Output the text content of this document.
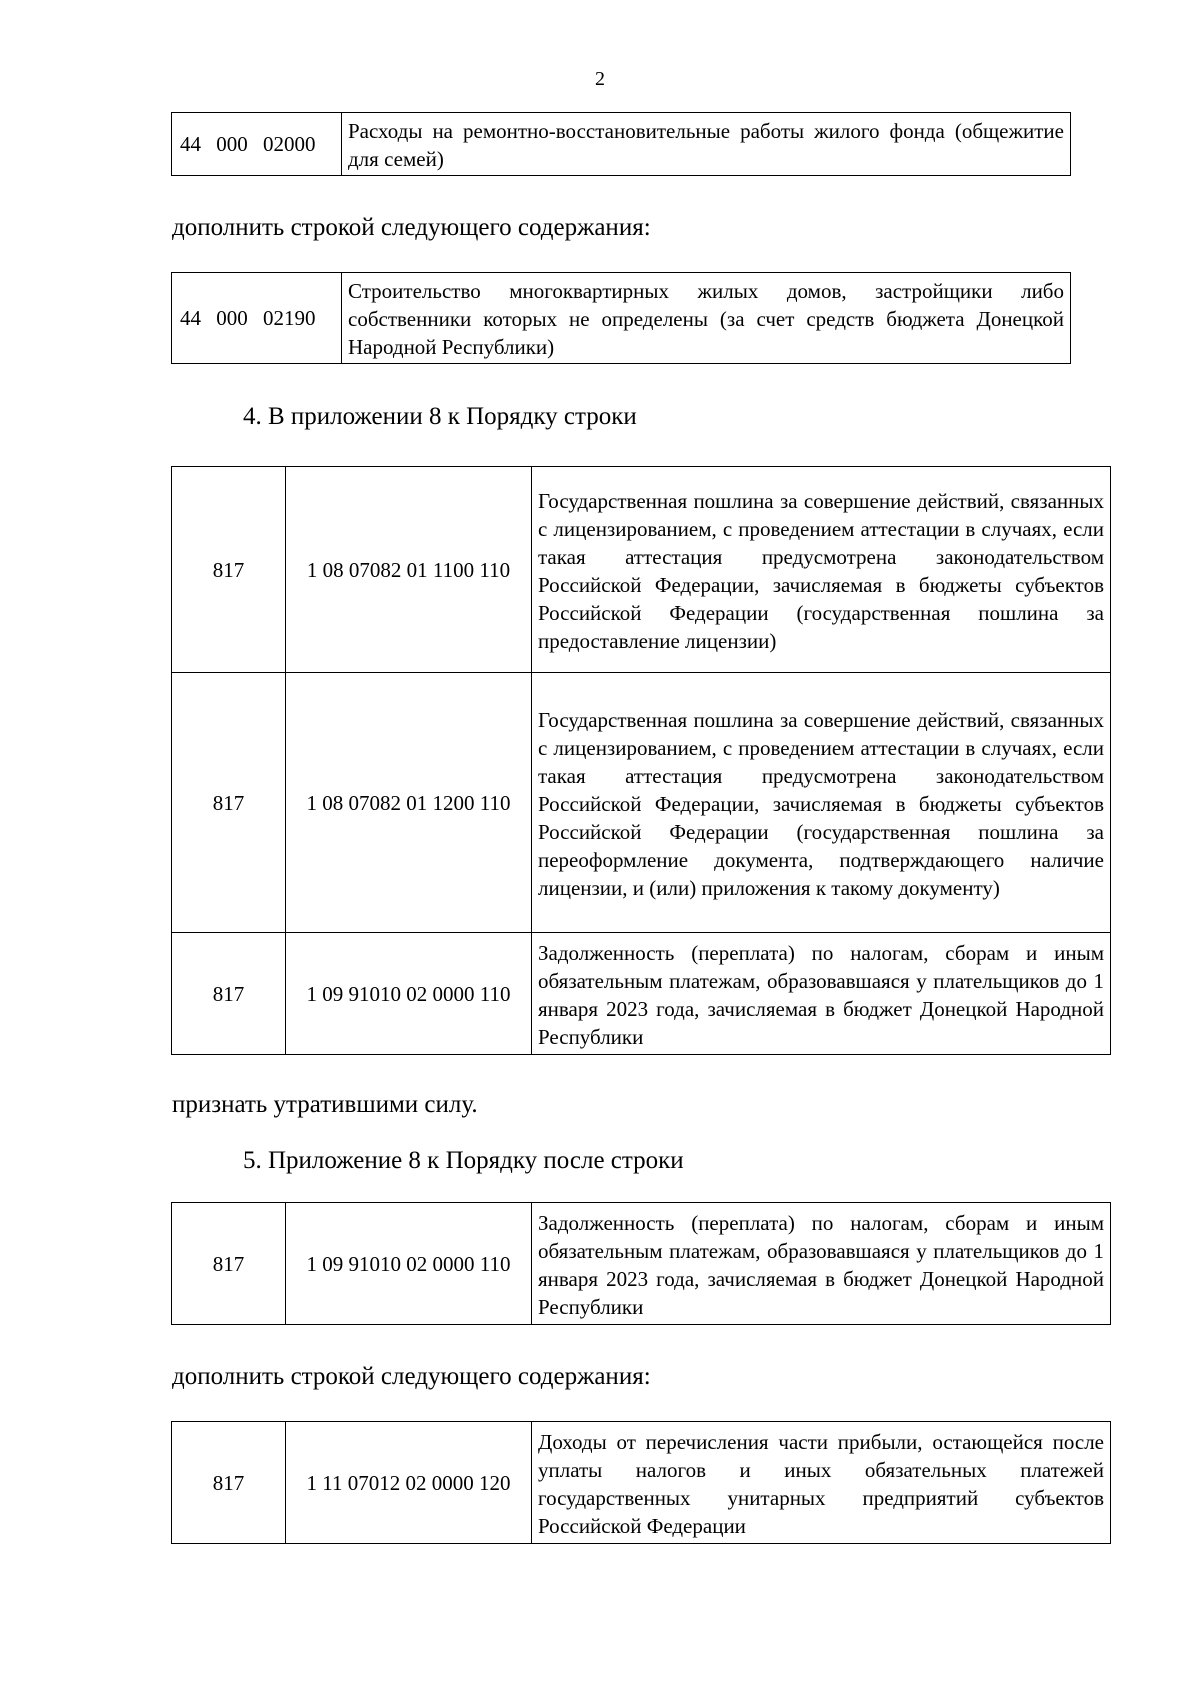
2
44 000 02000	Расходы на ремонтно-восстановительные работы жилого фонда (общежитие для семей)
дополнить строкой следующего содержания:
44 000 02190	Строительство многоквартирных жилых домов, застройщики либо собственники которых не определены (за счет средств бюджета Донецкой Народной Республики)
4. В приложении 8 к Порядку строки
817	1 08 07082 01 1100 110	Государственная пошлина за совершение действий, связанных с лицензированием, с проведением аттестации в случаях, если такая аттестация предусмотрена законодательством Российской Федерации, зачисляемая в бюджеты субъектов Российской Федерации (государственная пошлина за предоставление лицензии)
817	1 08 07082 01 1200 110	Государственная пошлина за совершение действий, связанных с лицензированием, с проведением аттестации в случаях, если такая аттестация предусмотрена законодательством Российской Федерации, зачисляемая в бюджеты субъектов Российской Федерации (государственная пошлина за переоформление документа, подтверждающего наличие лицензии, и (или) приложения к такому документу)
817	1 09 91010 02 0000 110	Задолженность (переплата) по налогам, сборам и иным обязательным платежам, образовавшаяся у плательщиков до 1 января 2023 года, зачисляемая в бюджет Донецкой Народной Республики
признать утратившими силу.
5. Приложение 8 к Порядку после строки
817	1 09 91010 02 0000 110	Задолженность (переплата) по налогам, сборам и иным обязательным платежам, образовавшаяся у плательщиков до 1 января 2023 года, зачисляемая в бюджет Донецкой Народной Республики
дополнить строкой следующего содержания:
817	1 11 07012 02 0000 120	Доходы от перечисления части прибыли, остающейся после уплаты налогов и иных обязательных платежей государственных унитарных предприятий субъектов Российской Федерации
